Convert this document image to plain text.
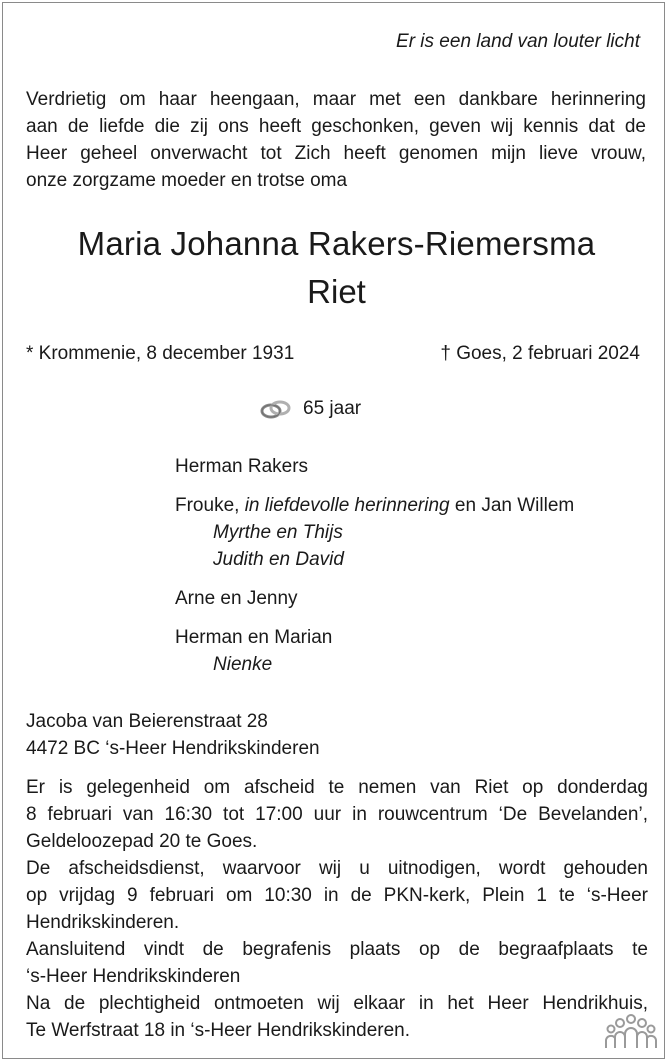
Er is een land van louter licht
Verdrietig om haar heengaan, maar met een dankbare herinnering
aan de liefde die zij ons heeft geschonken, geven wij kennis dat de
Heer geheel onverwacht tot Zich heeft genomen mijn lieve vrouw,
onze zorgzame moeder en trotse oma
Maria Johanna Rakers-Riemersma
Riet
* Krommenie, 8 december 1931	† Goes, 2 februari 2024
65 jaar
Herman Rakers
Frouke, in liefdevolle herinnering en Jan Willem
Myrthe en Thijs
Judith en David
Arne en Jenny
Herman en Marian
Nienke
Jacoba van Beierenstraat 28
4472 BC ‘s-Heer Hendrikskinderen
Er is gelegenheid om afscheid te nemen van Riet op donderdag
8 februari van 16:30 tot 17:00 uur in rouwcentrum ‘De Bevelanden’,
Geldeloozepad 20 te Goes.
De afscheidsdienst, waarvoor wij u uitnodigen, wordt gehouden
op vrijdag 9 februari om 10:30 in de PKN-kerk, Plein 1 te ‘s-Heer
Hendrikskinderen.
Aansluitend vindt de begrafenis plaats op de begraafplaats te
‘s-Heer Hendrikskinderen
Na de plechtigheid ontmoeten wij elkaar in het Heer Hendrikhuis,
Te Werfstraat 18 in ‘s-Heer Hendrikskinderen.
